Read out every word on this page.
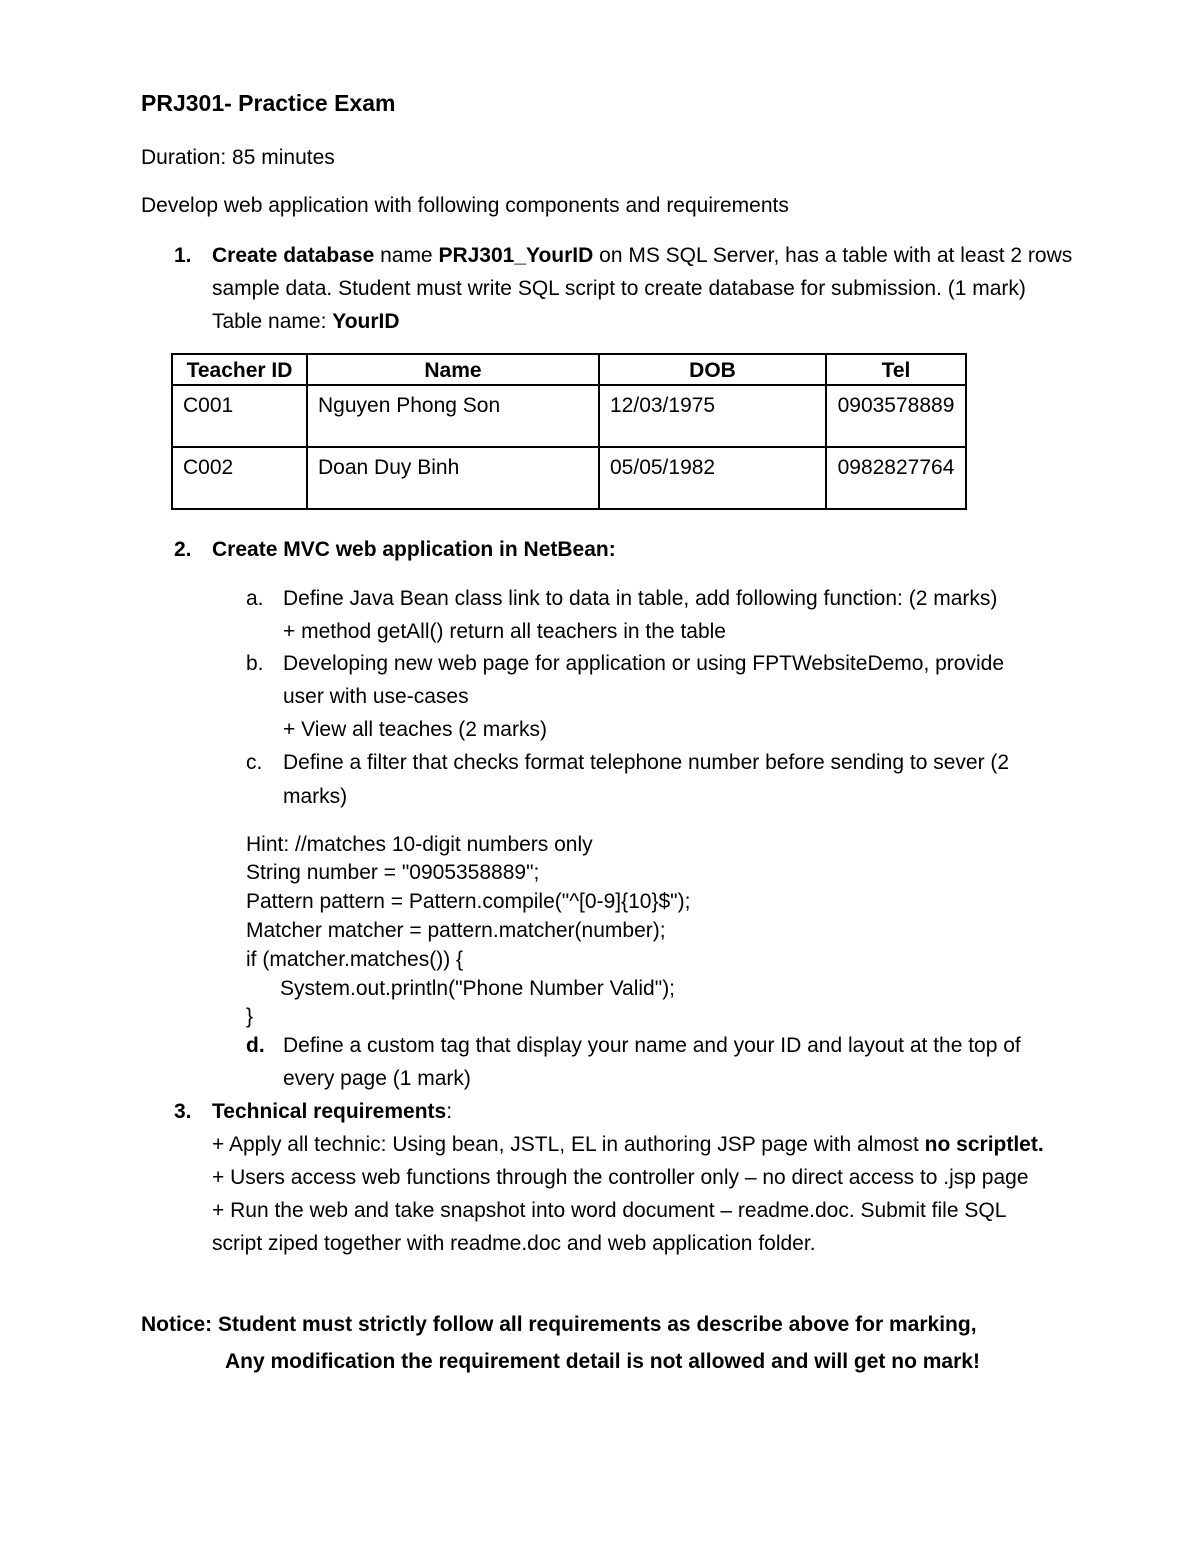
PRJ301- Practice Exam
Duration: 85 minutes
Develop web application with following components and requirements
1. Create database name PRJ301_YourID on MS SQL Server, has a table with at least 2 rows
sample data. Student must write SQL script to create database for submission. (1 mark)
Table name: YourID
Teacher ID	Name	DOB	Tel
C001	Nguyen Phong Son	12/03/1975	0903578889
C002	Doan Duy Binh	05/05/1982	0982827764
2. Create MVC web application in NetBean:
a. Define Java Bean class link to data in table, add following function: (2 marks)
+ method getAll() return all teachers in the table
b. Developing new web page for application or using FPTWebsiteDemo, provide
user with use-cases
+ View all teaches (2 marks)
c. Define a filter that checks format telephone number before sending to sever (2
marks)
Hint: //matches 10-digit numbers only
String number = "0905358889";
Pattern pattern = Pattern.compile("^[0-9]{10}$");
Matcher matcher = pattern.matcher(number);
if (matcher.matches()) {
System.out.println("Phone Number Valid");
}
d. Define a custom tag that display your name and your ID and layout at the top of
every page (1 mark)
3. Technical requirements:
+ Apply all technic: Using bean, JSTL, EL in authoring JSP page with almost no scriptlet.
+ Users access web functions through the controller only – no direct access to .jsp page
+ Run the web and take snapshot into word document – readme.doc. Submit file SQL
script ziped together with readme.doc and web application folder.
Notice: Student must strictly follow all requirements as describe above for marking,
Any modification the requirement detail is not allowed and will get no mark!
